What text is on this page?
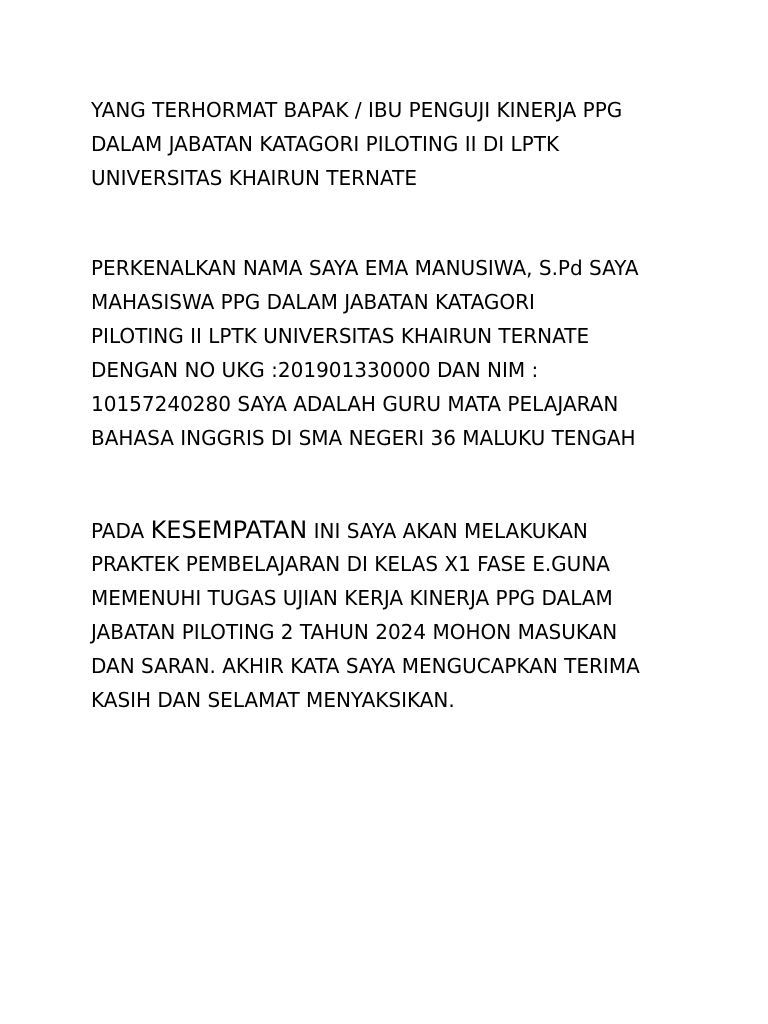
YANG TERHORMAT BAPAK / IBU PENGUJI KINERJA PPG
DALAM JABATAN KATAGORI PILOTING II DI LPTK
UNIVERSITAS KHAIRUN TERNATE

PERKENALKAN NAMA SAYA EMA MANUSIWA, S.Pd SAYA
MAHASISWA PPG DALAM JABATAN KATAGORI
PILOTING II LPTK UNIVERSITAS KHAIRUN TERNATE
DENGAN NO UKG :201901330000 DAN NIM :
10157240280 SAYA ADALAH GURU MATA PELAJARAN
BAHASA INGGRIS DI SMA NEGERI 36 MALUKU TENGAH

PADA KESEMPATAN INI SAYA AKAN MELAKUKAN
PRAKTEK PEMBELAJARAN DI KELAS X1 FASE E.GUNA
MEMENUHI TUGAS UJIAN KERJA KINERJA PPG DALAM
JABATAN PILOTING 2 TAHUN 2024 MOHON MASUKAN
DAN SARAN. AKHIR KATA SAYA MENGUCAPKAN TERIMA
KASIH DAN SELAMAT MENYAKSIKAN.
